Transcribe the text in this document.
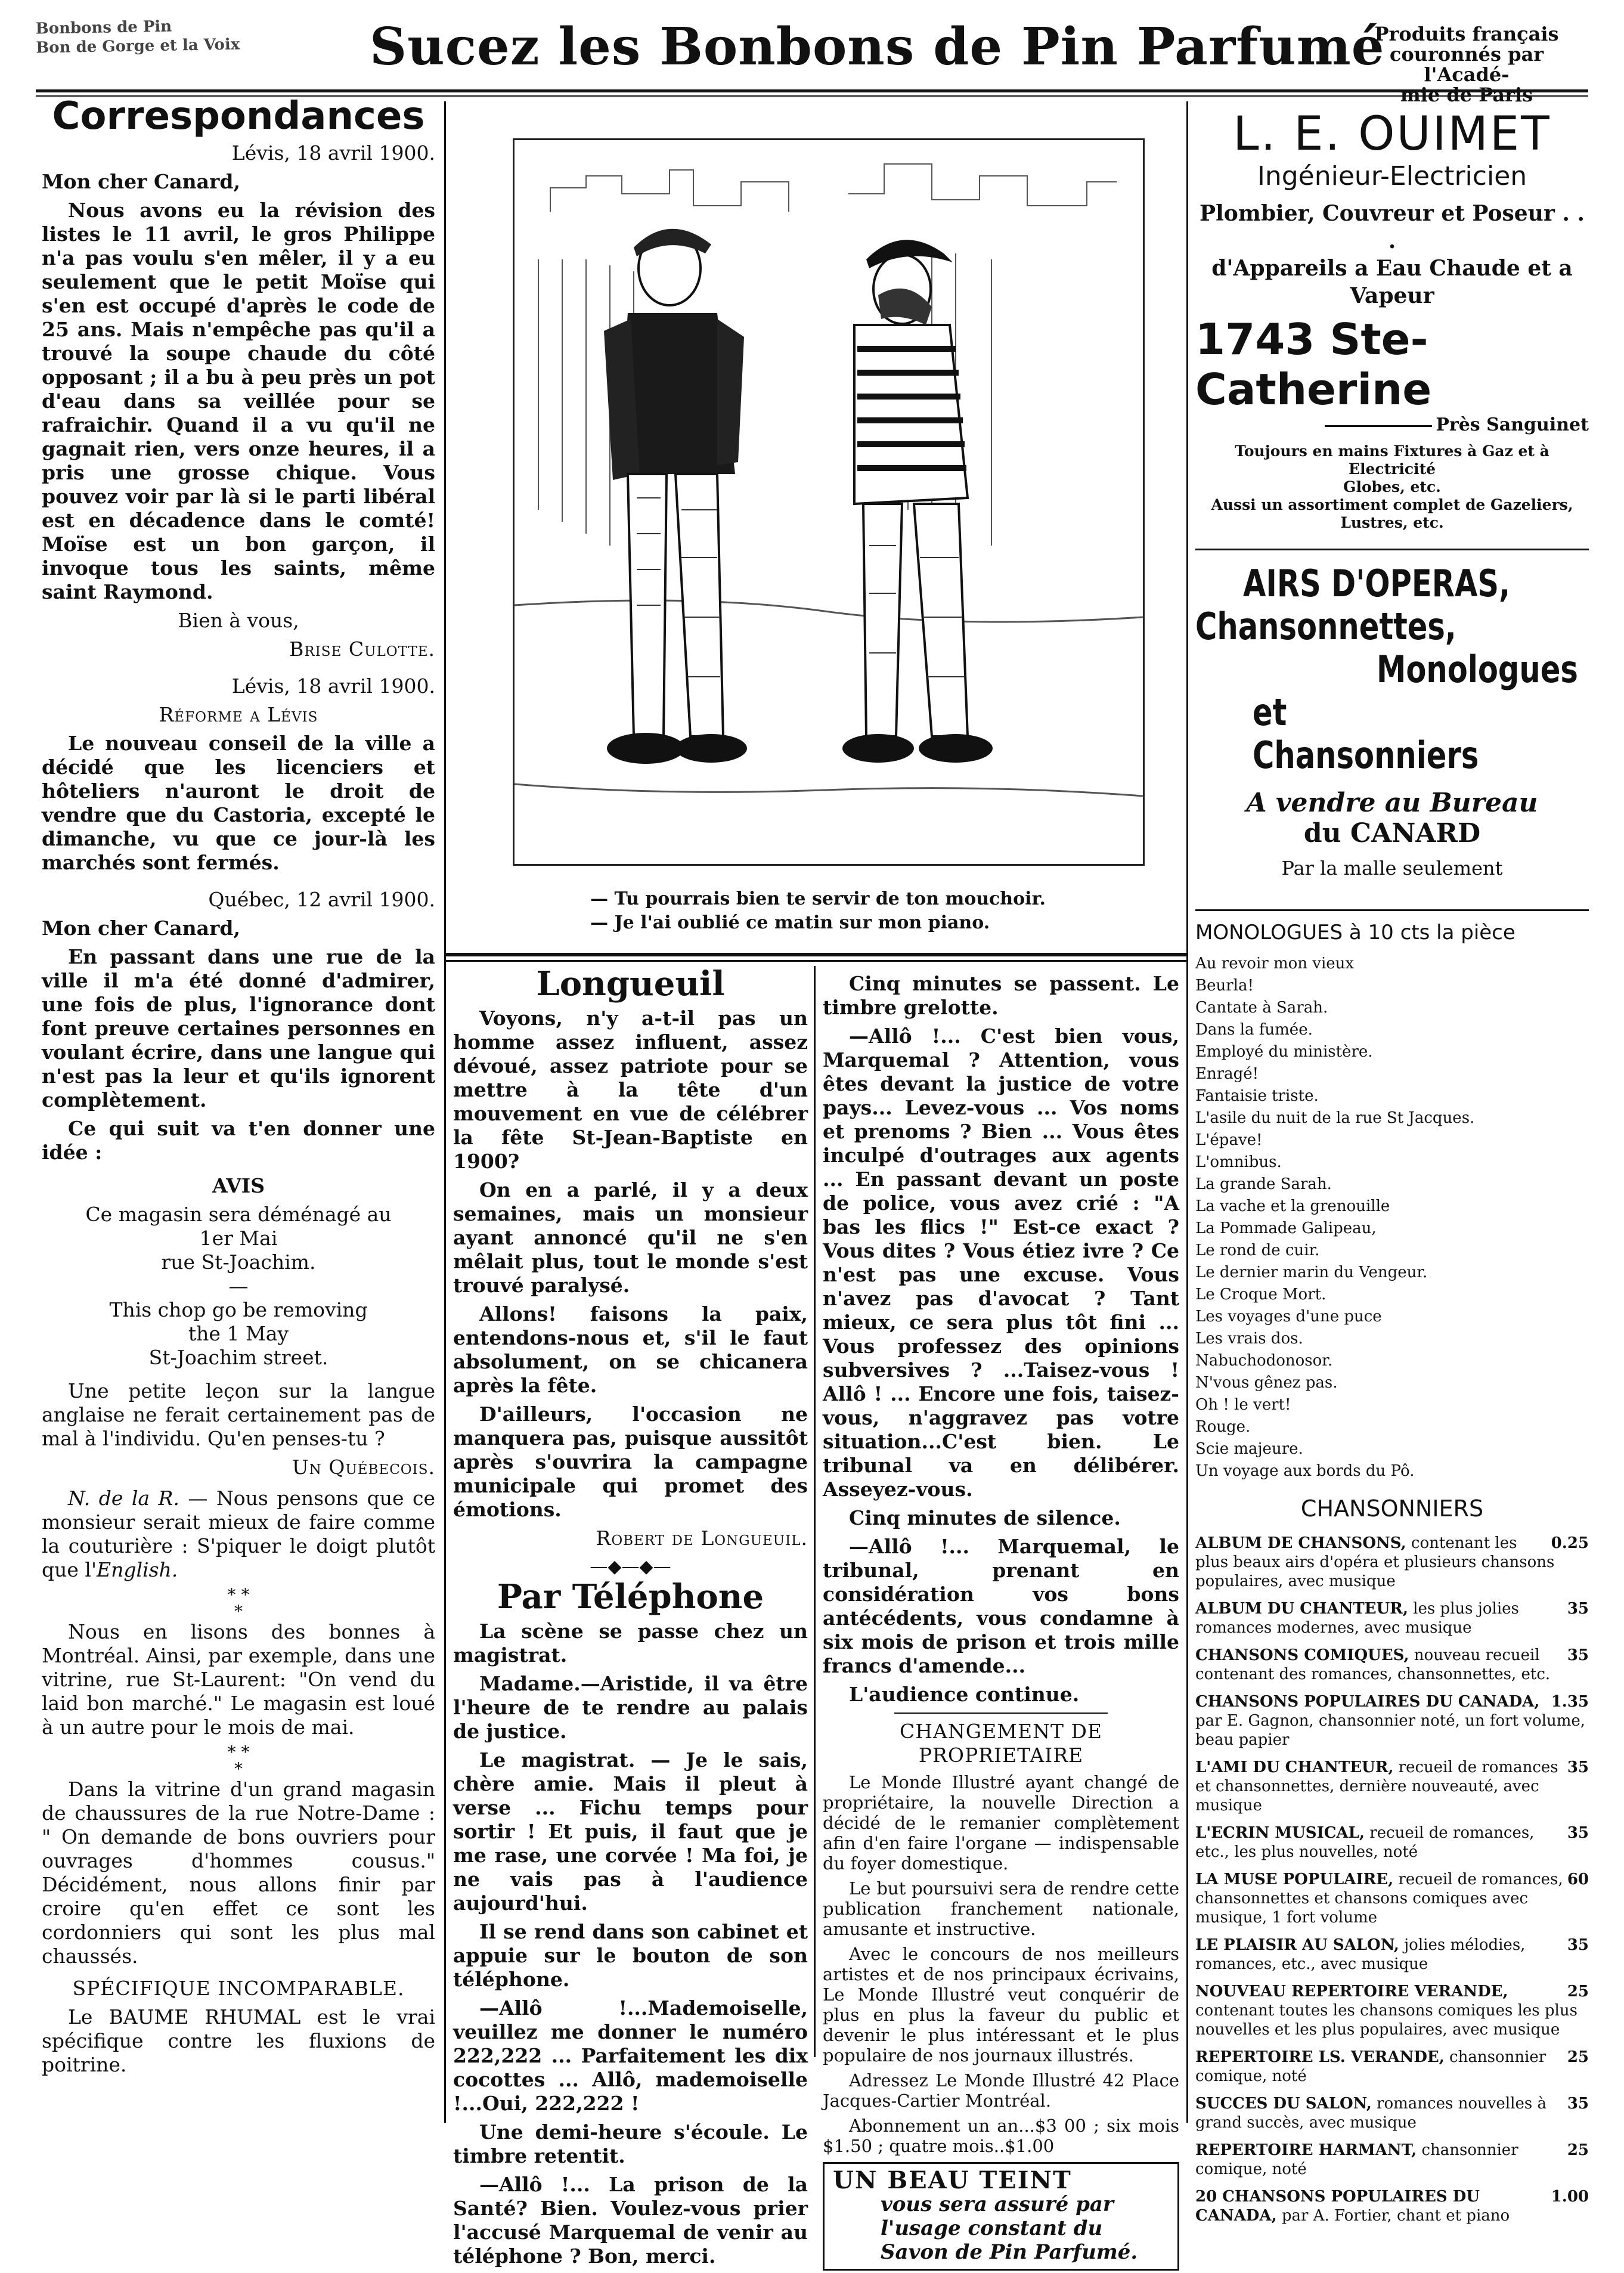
Bonbons de Pin
Bon de Gorge et la Voix	Sucez les Bonbons de Pin Parfumé
Produits français
couronnés par l'Acadé-
mie de Paris
Correspondances

Lévis, 18 avril 1900.

Mon cher Canard,

Nous avons eu la révision des listes le 11 avril, le gros Philippe n'a pas voulu s'en mêler, il y a eu seulement que le petit Moïse qui s'en est occupé d'après le code de 25 ans. Mais n'empêche pas qu'il a trouvé la soupe chaude du côté opposant ; il a bu à peu près un pot d'eau dans sa veillée pour se rafraichir. Quand il a vu qu'il ne gagnait rien, vers onze heures, il a pris une grosse chique. Vous pouvez voir par là si le parti libéral est en décadence dans le comté! Moïse est un bon garçon, il invoque tous les saints, même saint Raymond.

Bien à vous,

Brise Culotte.

Lévis, 18 avril 1900.

Réforme a Lévis

Le nouveau conseil de la ville a décidé que les licenciers et hôteliers n'auront le droit de vendre que du Castoria, excepté le dimanche, vu que ce jour-là les marchés sont fermés.

Québec, 12 avril 1900.

Mon cher Canard,

En passant dans une rue de la ville il m'a été donné d'admirer, une fois de plus, l'ignorance dont font preuve certaines personnes en voulant écrire, dans une langue qui n'est pas la leur et qu'ils ignorent complètement.

Ce qui suit va t'en donner une idée :

AVIS

Ce magasin sera déménagé au

1er Mai

rue St-Joachim.

—

This chop go be removing

the 1 May

St-Joachim street.

Une petite leçon sur la langue anglaise ne ferait certainement pas de mal à l'individu. Qu'en penses-tu ?

Un Québecois.

N. de la R. — Nous pensons que ce monsieur serait mieux de faire comme la couturière : S'piquer le doigt plutôt que l'English.

* *
*

Nous en lisons des bonnes à Montréal. Ainsi, par exemple, dans une vitrine, rue St-Laurent: "On vend du laid bon marché." Le magasin est loué à un autre pour le mois de mai.

* *
*

Dans la vitrine d'un grand magasin de chaussures de la rue Notre-Dame : " On demande de bons ouvriers pour ouvrages d'hommes cousus." Décidément, nous allons finir par croire qu'en effet ce sont les cordonniers qui sont les plus mal chaussés.

SPÉCIFIQUE INCOMPARABLE.

Le BAUME RHUMAL est le vrai spécifique contre les fluxions de poitrine.

— Tu pourrais bien te servir de ton mouchoir.
— Je l'ai oublié ce matin sur mon piano.
Longueuil

Voyons, n'y a-t-il pas un homme assez influent, assez dévoué, assez patriote pour se mettre à la tête d'un mouvement en vue de célébrer la fête St-Jean-Baptiste en 1900?

On en a parlé, il y a deux semaines, mais un monsieur ayant annoncé qu'il ne s'en mêlait plus, tout le monde s'est trouvé paralysé.

Allons! faisons la paix, entendons-nous et, s'il le faut absolument, on se chicanera après la fête.

D'ailleurs, l'occasion ne manquera pas, puisque aussitôt après s'ouvrira la campagne municipale qui promet des émotions.

Robert de Longueuil.

—◆—◆—
Par Téléphone

La scène se passe chez un magistrat.

Madame.—Aristide, il va être l'heure de te rendre au palais de justice.

Le magistrat. — Je le sais, chère amie. Mais il pleut à verse ... Fichu temps pour sortir ! Et puis, il faut que je me rase, une corvée ! Ma foi, je ne vais pas à l'audience aujourd'hui.

Il se rend dans son cabinet et appuie sur le bouton de son téléphone.

—Allô !...Mademoiselle, veuillez me donner le numéro 222,222 ... Parfaitement les dix cocottes ... Allô, mademoiselle !...Oui, 222,222 !

Une demi-heure s'écoule. Le timbre retentit.

—Allô !... La prison de la Santé? Bien. Voulez-vous prier l'accusé Marquemal de venir au téléphone ? Bon, merci.

Cinq minutes se passent. Le timbre grelotte.

—Allô !... C'est bien vous, Marquemal ? Attention, vous êtes devant la justice de votre pays... Levez-vous ... Vos noms et prenoms ? Bien ... Vous êtes inculpé d'outrages aux agents ... En passant devant un poste de police, vous avez crié : "A bas les flics !" Est-ce exact ? Vous dites ? Vous étiez ivre ? Ce n'est pas une excuse. Vous n'avez pas d'avocat ? Tant mieux, ce sera plus tôt fini ... Vous professez des opinions subversives ? ...Taisez-vous ! Allô ! ... Encore une fois, taisez-vous, n'aggravez pas votre situation...C'est bien. Le tribunal va en délibérer. Asseyez-vous.

Cinq minutes de silence.

—Allô !... Marquemal, le tribunal, prenant en considération vos bons antécédents, vous condamne à six mois de prison et trois mille francs d'amende...

L'audience continue.

CHANGEMENT DE PROPRIETAIRE

Le Monde Illustré ayant changé de propriétaire, la nouvelle Direction a décidé de le remanier complètement afin d'en faire l'organe — indispensable du foyer domestique.

Le but poursuivi sera de rendre cette publication franchement nationale, amusante et instructive.

Avec le concours de nos meilleurs artistes et de nos principaux écrivains, Le Monde Illustré veut conquérir de plus en plus la faveur du public et devenir le plus intéressant et le plus populaire de nos journaux illustrés.

Adressez Le Monde Illustré 42 Place Jacques-Cartier Montréal.

Abonnement un an...$3 00 ; six mois $1.50 ; quatre mois..$1.00

UN BEAU TEINT
vous sera assuré par l'usage constant du Savon de Pin Parfumé.
L. E. OUIMET
Ingénieur-Electricien
Plombier, Couvreur et Poseur . . .
d'Appareils a Eau Chaude et a Vapeur
1743 Ste-Catherine
Près Sanguinet
Toujours en mains Fixtures à Gaz et à Electricité
Globes, etc.
Aussi un assortiment complet de Gazeliers,
Lustres, etc.
AIRS D'OPERAS,
Chansonnettes,
Monologues
et Chansonniers
A vendre au Bureau
du CANARD
Par la malle seulement
MONOLOGUES à 10 cts la pièce
Au revoir mon vieux
Beurla!
Cantate à Sarah.
Dans la fumée.
Employé du ministère.
Enragé!
Fantaisie triste.
L'asile du nuit de la rue St Jacques.
L'épave!
L'omnibus.
La grande Sarah.
La vache et la grenouille
La Pommade Galipeau,
Le rond de cuir.
Le dernier marin du Vengeur.
Le Croque Mort.
Les voyages d'une puce
Les vrais dos.
Nabuchodonosor.
N'vous gênez pas.
Oh ! le vert!
Rouge.
Scie majeure.
Un voyage aux bords du Pô.
CHANSONNIERS
0.25
ALBUM DE CHANSONS, contenant les plus beaux airs d'opéra et plusieurs chansons populaires, avec musique
35
ALBUM DU CHANTEUR, les plus jolies romances modernes, avec musique
35
CHANSONS COMIQUES, nouveau recueil contenant des romances, chansonnettes, etc.
1.35
CHANSONS POPULAIRES DU CANADA, par E. Gagnon, chansonnier noté, un fort volume, beau papier
35
L'AMI DU CHANTEUR, recueil de romances et chansonnettes, dernière nouveauté, avec musique
35
L'ECRIN MUSICAL, recueil de romances, etc., les plus nouvelles, noté
60
LA MUSE POPULAIRE, recueil de romances, chansonnettes et chansons comiques avec musique, 1 fort volume
35
LE PLAISIR AU SALON, jolies mélodies, romances, etc., avec musique
25
NOUVEAU REPERTOIRE VERANDE, contenant toutes les chansons comiques les plus nouvelles et les plus populaires, avec musique
25
REPERTOIRE LS. VERANDE, chansonnier comique, noté
35
SUCCES DU SALON, romances nouvelles à grand succès, avec musique
25
REPERTOIRE HARMANT, chansonnier comique, noté
1.00
20 CHANSONS POPULAIRES DU CANADA, par A. Fortier, chant et piano
